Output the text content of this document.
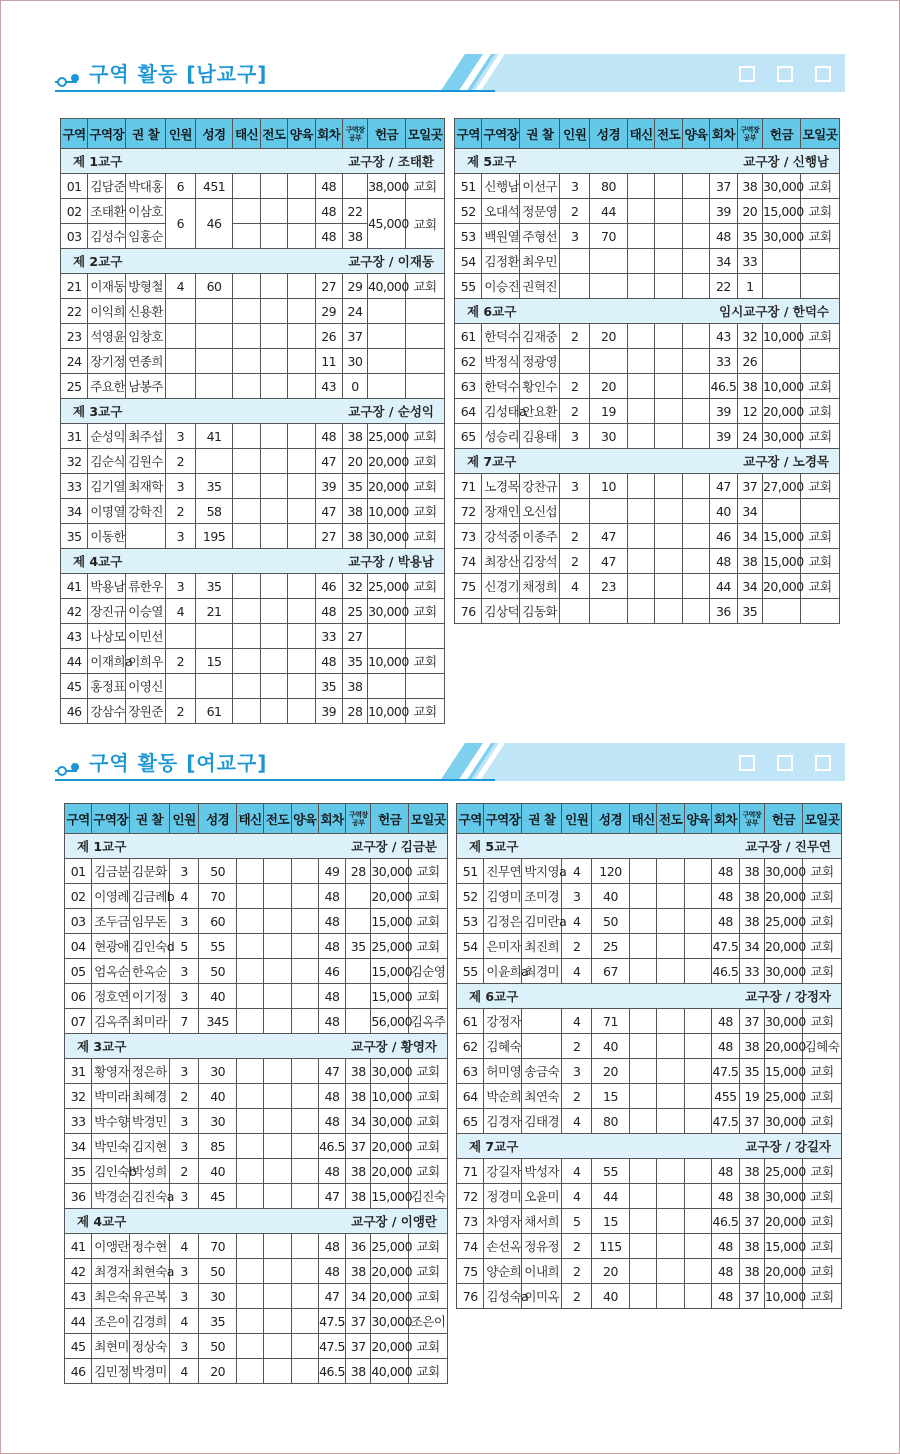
구역 활동 [남교구]
구역 활동 [여교구]
구역	구역장	권 찰	인원	성경	태신	전도	양육	회차	구역장 공부	헌금	모일곳

교구장 / 조태환
제 1교구											
01	김담준	박대홍	6	451				48		38,000	교회
02	조태환	이삼호	6	46				48	22	45,000	교회
03	김성수	임홍순						48	38		

교구장 / 이재동
제 2교구											
21	이재동	방형철	4	60				27	29	40,000	교회
22	이익희	신용환						29	24		
23	석영윤	임창호						26	37		
24	장기정	연종희						11	30		
25	주요한	남봉주						43	0		

교구장 / 순성익
제 3교구											
31	순성익	최주섭	3	41				48	38	25,000	교회
32	김순식	김원수	2					47	20	20,000	교회
33	김기열	최재학	3	35				39	35	20,000	교회
34	이명열	강학진	2	58				47	38	10,000	교회
35	이동한		3	195				27	38	30,000	교회

교구장 / 박용남
제 4교구											
41	박용남	류한우	3	35				46	32	25,000	교회
42	장진규	이승열	4	21				48	25	30,000	교회
43	나상모	이민선						33	27		
44	이재희a	이희우	2	15				48	35	10,000	교회
45	홍정표	이영신						35	38		
46	강삼수	장원준	2	61				39	28	10,000	교회
구역	구역장	권 찰	인원	성경	태신	전도	양육	회차	구역장 공부	헌금	모일곳

교구장 / 신행남
제 5교구											
51	신행남	이선구	3	80				37	38	30,000	교회
52	오대석	정문영	2	44				39	20	15,000	교회
53	백원열	주형선	3	70				48	35	30,000	교회
54	김정환	최우민						34	33		
55	이승진	권혁진						22	1		

임시교구장 / 한덕수
제 6교구											
61	한덕수	김재중	2	20				43	32	10,000	교회
62	박정식	정광영						33	26		
63	한덕수	황인수	2	20				46.5	38	10,000	교회
64	김성태a	안요환	2	19				39	12	20,000	교회
65	성승리	김용태	3	30				39	24	30,000	교회

교구장 / 노경목
제 7교구											
71	노경목	강찬규	3	10				47	37	27,000	교회
72	장재인	오신섭						40	34		
73	강석중	이종주	2	47				46	34	15,000	교회
74	최장산	김장석	2	47				48	38	15,000	교회
75	신경기	채정희	4	23				44	34	20,000	교회
76	김상덕	김동화						36	35		
구역	구역장	권 찰	인원	성경	태신	전도	양육	회차	구역장 공부	헌금	모일곳

교구장 / 김금분
제 1교구											
01	김금분	김문화	3	50				49	28	30,000	교회
02	이영례	김금례b	4	70				48		20,000	교회
03	조두금	임무돈	3	60				48		15,000	교회
04	현광애	김인숙d	5	55				48	35	25,000	교회
05	엄옥순	한옥순	3	50				46		15,000	김순영
06	정호연	이기정	3	40				48		15,000	교회
07	김옥주	최미라	7	345				48		56,000	김옥주

교구장 / 황영자
제 3교구											
31	황영자	정은하	3	30				47	38	30,000	교회
32	박미라	최혜경	2	40				48	38	10,000	교회
33	박수향	박경민	3	30				48	34	30,000	교회
34	박민숙	김지현	3	85				46.5	37	20,000	교회
35	김인숙b	박성희	2	40				48	38	20,000	교회
36	박경순	김진숙a	3	45				47	38	15,000	김진숙

교구장 / 이앵란
제 4교구											
41	이앵란	정수현	4	70				48	36	25,000	교회
42	최경자	최현숙a	3	50				48	38	20,000	교회
43	최은숙	유곤복	3	30				47	34	20,000	교회
44	조은이	김경희	4	35				47.5	37	30,000	조은이
45	최현미	정상숙	3	50				47.5	37	20,000	교회
46	김민정	박경미	4	20				46.5	38	40,000	교회
구역	구역장	권 찰	인원	성경	태신	전도	양육	회차	구역장 공부	헌금	모일곳

교구장 / 진무연
제 5교구											
51	진무연	박지영a	4	120				48	38	30,000	교회
52	김영미	조미경	3	40				48	38	20,000	교회
53	김정은	김미란a	4	50				48	38	25,000	교회
54	은미자	최진희	2	25				47.5	34	20,000	교회
55	이윤희a	최경미	4	67				46.5	33	30,000	교회

교구장 / 강정자
제 6교구											
61	강정자		4	71				48	37	30,000	교회
62	김혜숙		2	40				48	38	20,000	김혜숙
63	허미영	송금숙	3	20				47.5	35	15,000	교회
64	박순희	최연숙	2	15				455	19	25,000	교회
65	김경자	김태경	4	80				47.5	37	30,000	교회

교구장 / 강길자
제 7교구											
71	강길자	박성자	4	55				48	38	25,000	교회
72	정경미	오윤미	4	44				48	38	30,000	교회
73	차영자	채서희	5	15				46.5	37	20,000	교회
74	손선옥	정유정	2	115				48	38	15,000	교회
75	양순희	이내희	2	20				48	38	20,000	교회
76	김성숙a	이미옥	2	40				48	37	10,000	교회
